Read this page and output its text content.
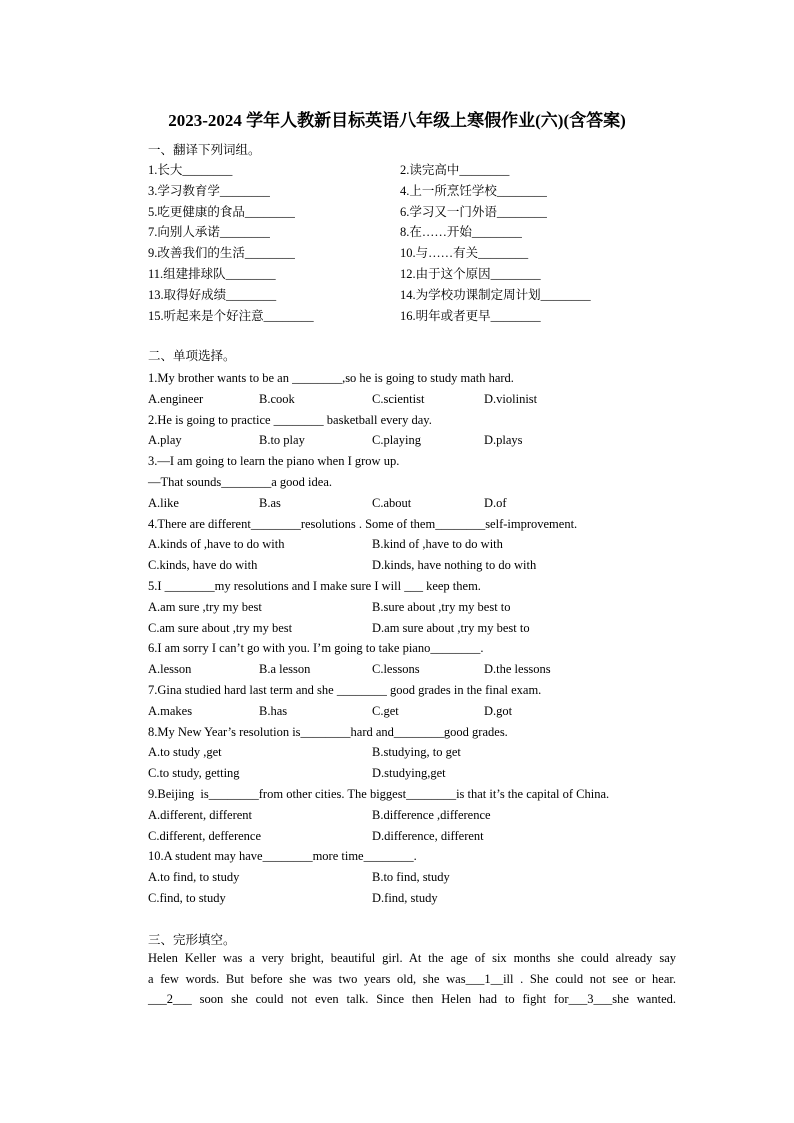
2023-2024 学年人教新目标英语八年级上寒假作业(六)(含答案)
一、翻译下列词组。
1.长大________	2.读完高中________
3.学习教育学________	4.上一所烹饪学校________
5.吃更健康的食品________	6.学习又一门外语________
7.向别人承诺________	8.在……开始________
9.改善我们的生活________	10.与……有关________
11.组建排球队________	12.由于这个原因________
13.取得好成绩________	14.为学校功课制定周计划________
15.听起来是个好注意________	16.明年或者更早________
二、单项选择。
1.My brother wants to be an ________,so he is going to study math hard.
A.engineer	B.cook	C.scientist	D.violinist
2.He is going to practice ________ basketball every day.
A.play	B.to play	C.playing	D.plays
3.—I am going to learn the piano when I grow up.
—That sounds________a good idea.
A.like	B.as	C.about	D.of
4.There are different________resolutions . Some of them________self-improvement.
A.kinds of ,have to do with	B.kind of ,have to do with
C.kinds, have do with	D.kinds, have nothing to do with
5.I ________my resolutions and I make sure I will ___ keep them.
A.am sure ,try my best	B.sure about ,try my best to
C.am sure about ,try my best	D.am sure about ,try my best to
6.I am sorry I can’t go with you. I’m going to take piano________.
A.lesson	B.a lesson	C.lessons	D.the lessons
7.Gina studied hard last term and she ________ good grades in the final exam.
A.makes	B.has	C.get	D.got
8.My New Year’s resolution is________hard and________good grades.
A.to study ,get	B.studying, to get
C.to study, getting	D.studying,get
9.Beijing  is________from other cities. The biggest________is that it’s the capital of China.
A.different, different	B.difference ,difference
C.different, defference	D.difference, different
10.A student may have________more time________.
A.to find, to study	B.to find, study
C.find, to study	D.find, study
三、完形填空。
Helen Keller was a very bright, beautiful girl. At the age of six months she could already say
a few words. But before she was two years old, she was___1__ill . She could not see or hear.
___2___ soon she could not even talk. Since then Helen had to fight for___3___she wanted.
